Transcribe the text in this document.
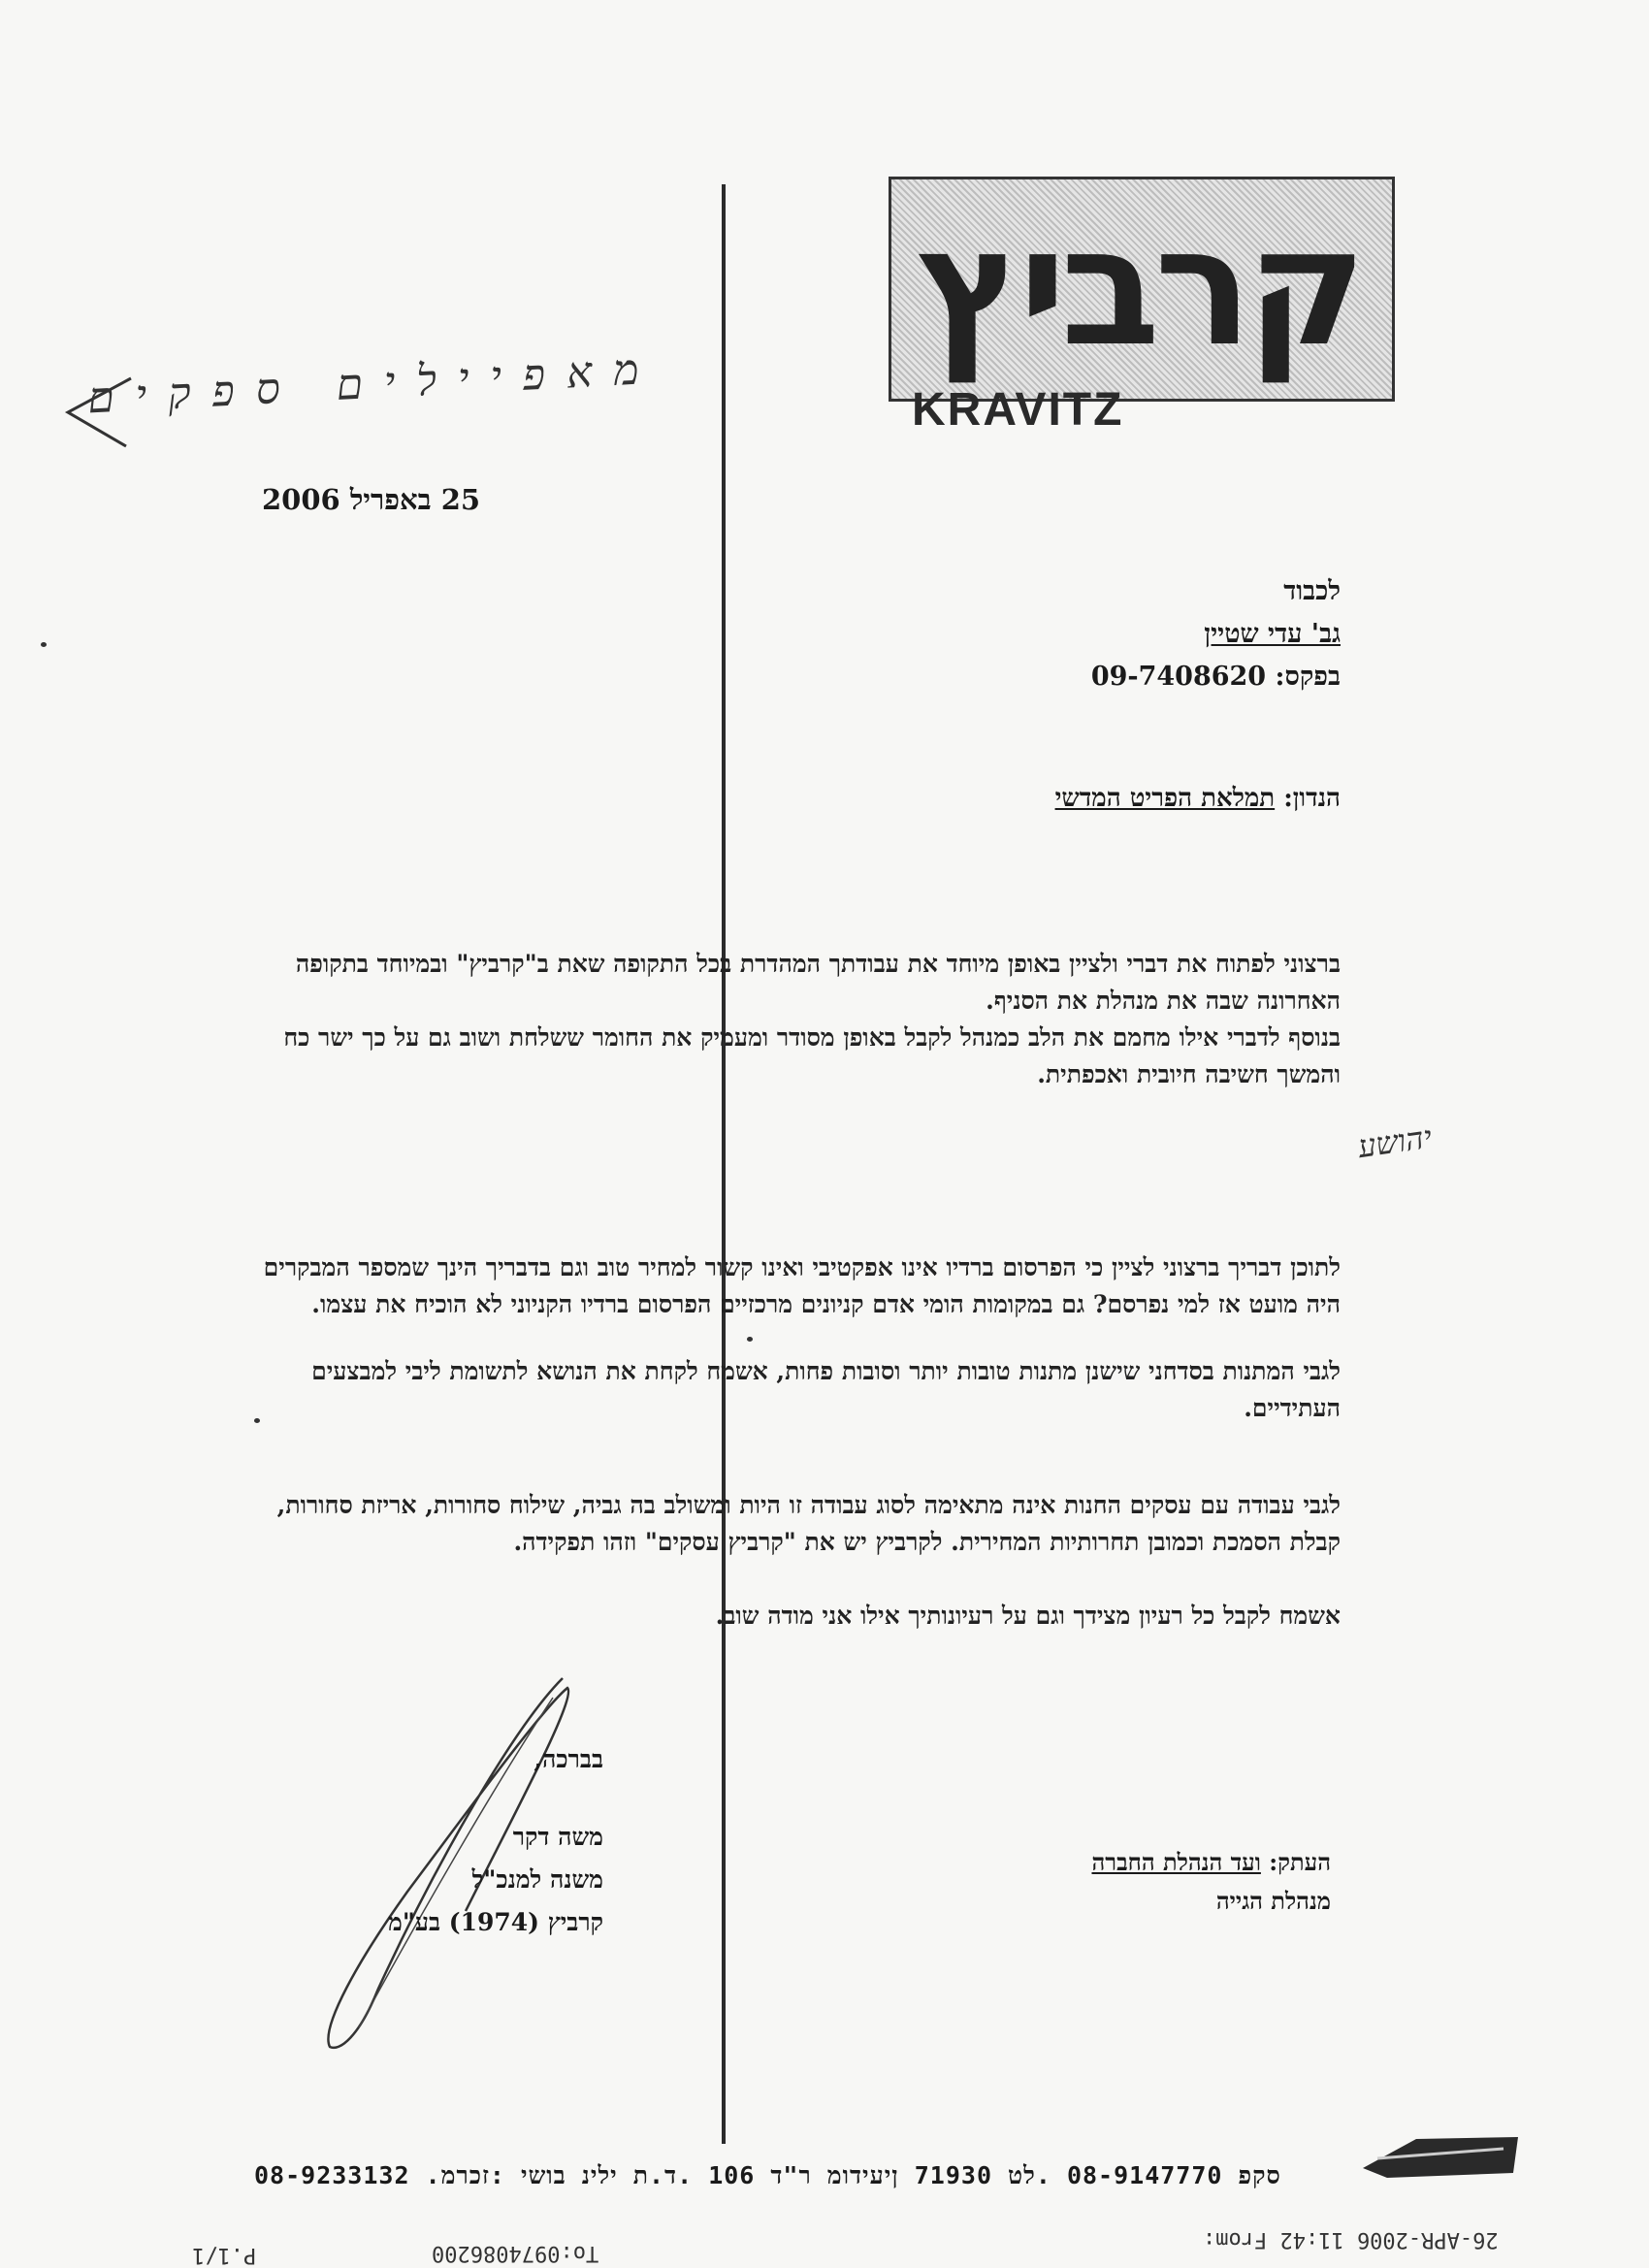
קרביץ
KRAVITZ
מאפיילים ספקים
25 באפריל 2006
לכבוד
גב' עדי שטיין
בפקס: 09-7408620
הנדון: תמלאת הפריט המדשי
ברצוני לפתוח את דברי ולציין באופן מיוחד את עבודתך המהדרת בכל התקופה שאת ב"קרביץ" ובמיוחד בתקופה האחרונה שבה את מנהלת את הסניף.
בנוסף לדברי אילו מחמם את הלב כמנהל לקבל באופן מסודר ומעמיק את החומר ששלחת ושוב גם על כך ישר כח והמשך חשיבה חיובית ואכפתית.
לתוכן דבריך ברצוני לציין כי הפרסום ברדיו אינו אפקטיבי ואינו קשור למחיר טוב וגם בדבריך הינך שמספר המבקרים היה מועט אז למי נפרסם? גם במקומות הומי אדם קניונים מרכזיים הפרסום ברדיו הקניוני לא הוכיח את עצמו.
לגבי המתנות בסדחני שישנן מתנות טובות יותר וסובות פחות, אשמח לקחת את הנושא לתשומת ליבי למבצעים העתידיים.
לגבי עבודה עם עסקים החנות אינה מתאימה לסוג עבודה זו היות ומשולב בה גביה, שילוח סחורות, אריזת סחורות, קבלת הסמכת וכמובן תחרותיות המחירית. לקרביץ יש את "קרביץ עסקים" וזהו תפקידה.

אשמח לקבל כל רעיון מצידך וגם על רעיונותיך אילו אני מודה שוב.
יהושע
בברכה,
משה דקר
משנה למנכ"ל
קרביץ (1974) בע"מ
העתק: ועד הנהלת החברה
מנהלת הגייה
08-9233132 .סקפ 08-9147770 .לט 71930 ןיעידומ ר"ד 106 .ד.ת ילינ בושי :זכרמ
26-APR-2006 11:42 From:
To:0974086200
P.1/1
